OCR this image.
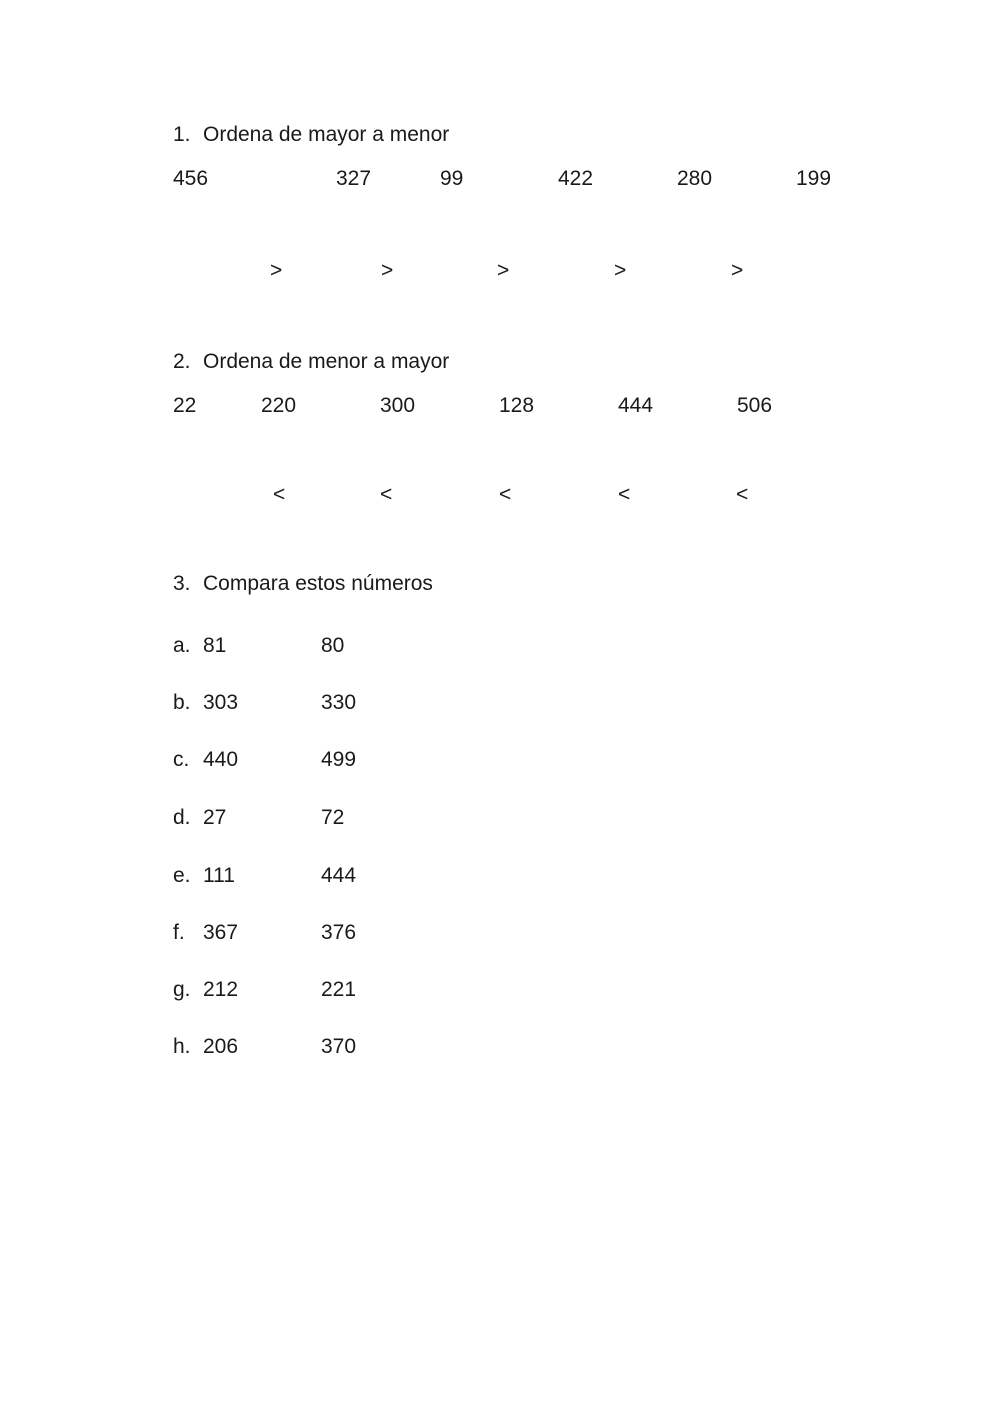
1. Ordena de mayor a menor
456	327	99	422	280	199
>	>	>	>	>
2. Ordena de menor a mayor
22	220	300	128	444	506
<	<	<	<	<
3. Compara estos números
a. 81	80
b. 303	330
c. 440	499
d. 27	72
e. 111	444
f. 367	376
g. 212	221
h. 206	370
